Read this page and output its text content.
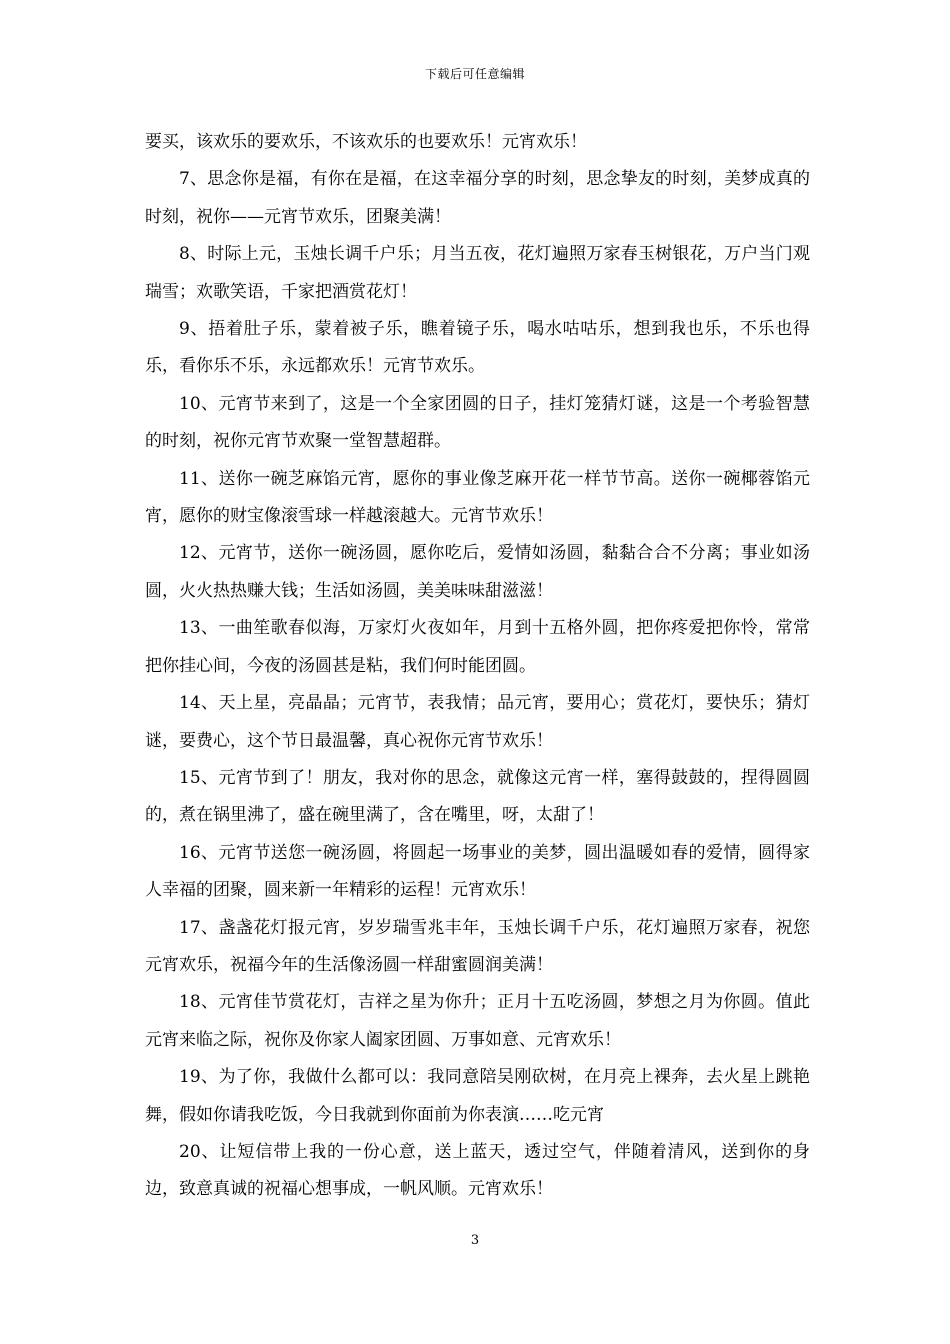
下载后可任意编辑

要买，该欢乐的要欢乐，不该欢乐的也要欢乐！元宵欢乐！

7、思念你是福，有你在是福，在这幸福分享的时刻，思念挚友的时刻，美梦成真的时刻，祝你——元宵节欢乐，团聚美满！

8、时际上元，玉烛长调千户乐；月当五夜，花灯遍照万家春玉树银花，万户当门观瑞雪；欢歌笑语，千家把酒赏花灯！

9、捂着肚子乐，蒙着被子乐，瞧着镜子乐，喝水咕咕乐，想到我也乐，不乐也得乐，看你乐不乐，永远都欢乐！元宵节欢乐。

10、元宵节来到了，这是一个全家团圆的日子，挂灯笼猜灯谜，这是一个考验智慧的时刻，祝你元宵节欢聚一堂智慧超群。

11、送你一碗芝麻馅元宵，愿你的事业像芝麻开花一样节节高。送你一碗椰蓉馅元宵，愿你的财宝像滚雪球一样越滚越大。元宵节欢乐！

12、元宵节，送你一碗汤圆，愿你吃后，爱情如汤圆，黏黏合合不分离；事业如汤圆，火火热热赚大钱；生活如汤圆，美美味味甜滋滋！

13、一曲笙歌春似海，万家灯火夜如年，月到十五格外圆，把你疼爱把你怜，常常把你挂心间，今夜的汤圆甚是粘，我们何时能团圆。

14、天上星，亮晶晶；元宵节，表我情；品元宵，要用心；赏花灯，要快乐；猜灯谜，要费心，这个节日最温馨，真心祝你元宵节欢乐！

15、元宵节到了！朋友，我对你的思念，就像这元宵一样，塞得鼓鼓的，捏得圆圆的，煮在锅里沸了，盛在碗里满了，含在嘴里，呀，太甜了！

16、元宵节送您一碗汤圆，将圆起一场事业的美梦，圆出温暖如春的爱情，圆得家人幸福的团聚，圆来新一年精彩的运程！元宵欢乐！

17、盏盏花灯报元宵，岁岁瑞雪兆丰年，玉烛长调千户乐，花灯遍照万家春，祝您元宵欢乐，祝福今年的生活像汤圆一样甜蜜圆润美满！

18、元宵佳节赏花灯，吉祥之星为你升；正月十五吃汤圆，梦想之月为你圆。值此元宵来临之际，祝你及你家人阖家团圆、万事如意、元宵欢乐！

19、为了你，我做什么都可以：我同意陪吴刚砍树，在月亮上裸奔，去火星上跳艳舞，假如你请我吃饭，今日我就到你面前为你表演……吃元宵

20、让短信带上我的一份心意，送上蓝天，透过空气，伴随着清风，送到你的身边，致意真诚的祝福心想事成，一帆风顺。元宵欢乐！

3
